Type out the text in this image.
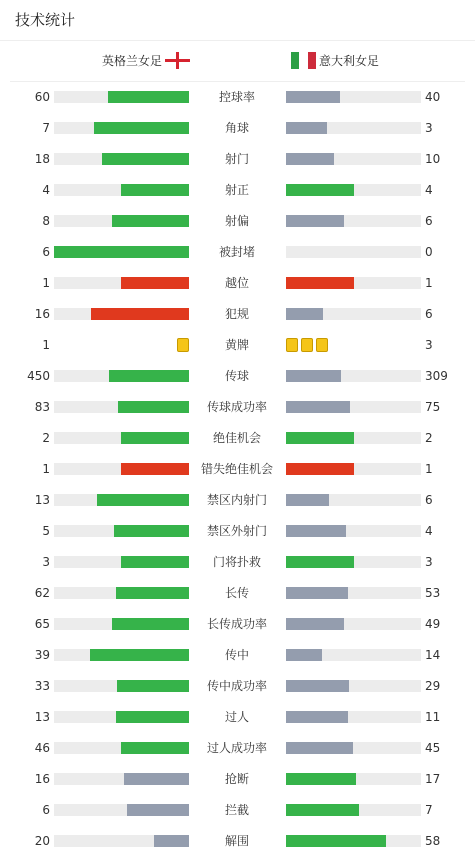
技术统计
英格兰女足	意大利女足
60	控球率	40
7	角球	3
18	射门	10
4	射正	4
8	射偏	6
6	被封堵	0
1	越位	1
16	犯规	6
1	黄牌	3
450	传球	309
83	传球成功率	75
2	绝佳机会	2
1	错失绝佳机会	1
13	禁区内射门	6
5	禁区外射门	4
3	门将扑救	3
62	长传	53
65	长传成功率	49
39	传中	14
33	传中成功率	29
13	过人	11
46	过人成功率	45
16	抢断	17
6	拦截	7
20	解围	58
